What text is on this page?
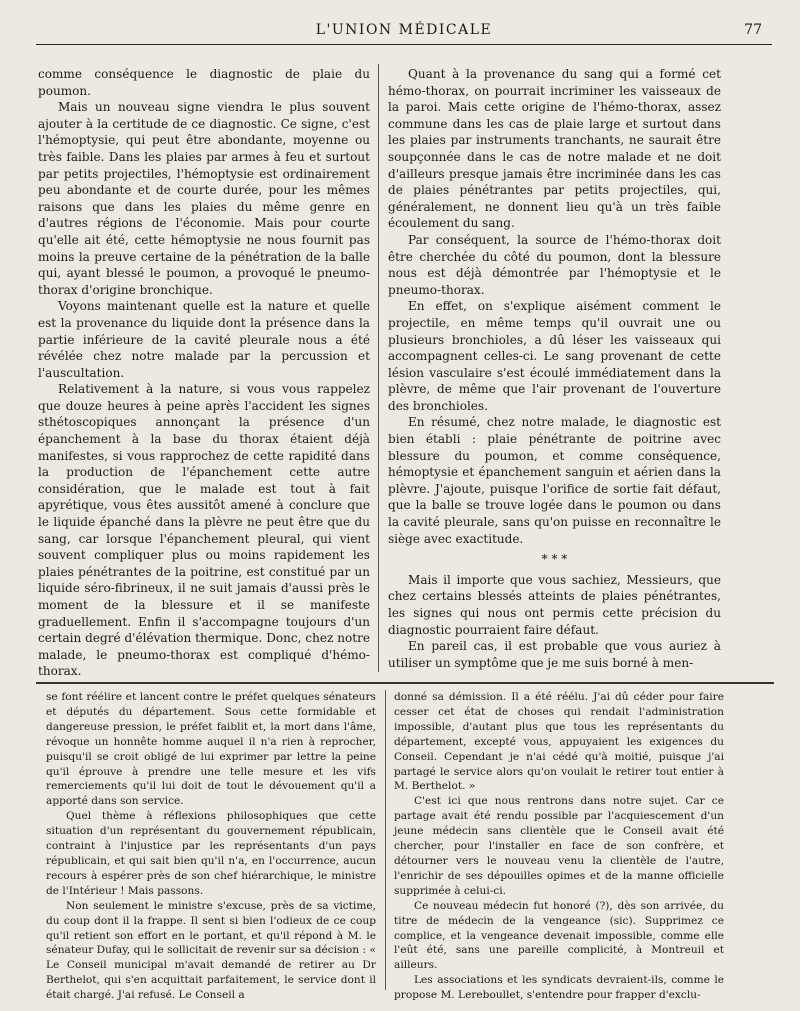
L'UNION MÉDICALE	77

comme conséquence le diagnostic de plaie du poumon.

Mais un nouveau signe viendra le plus souvent ajouter à la certitude de ce diagnostic. Ce signe, c'est l'hémoptysie, qui peut être abondante, moyenne ou très faible. Dans les plaies par armes à feu et surtout par petits projectiles, l'hémoptysie est ordinairement peu abondante et de courte durée, pour les mêmes raisons que dans les plaies du même genre en d'autres régions de l'économie. Mais pour courte qu'elle ait été, cette hémoptysie ne nous fournit pas moins la preuve certaine de la pénétration de la balle qui, ayant blessé le poumon, a provoqué le pneumo-thorax d'origine bronchique.

Voyons maintenant quelle est la nature et quelle est la provenance du liquide dont la présence dans la partie inférieure de la cavité pleurale nous a été révélée chez notre malade par la percussion et l'auscultation.

Relativement à la nature, si vous vous rappelez que douze heures à peine après l'accident les signes sthétoscopiques annonçant la présence d'un épanchement à la base du thorax étaient déjà manifestes, si vous rapprochez de cette rapidité dans la production de l'épanchement cette autre considération, que le malade est tout à fait apyrétique, vous êtes aussitôt amené à conclure que le liquide épanché dans la plèvre ne peut être que du sang, car lorsque l'épanchement pleural, qui vient souvent compliquer plus ou moins rapidement les plaies pénétrantes de la poitrine, est constitué par un liquide séro-fibrineux, il ne suit jamais d'aussi près le moment de la blessure et il se manifeste graduellement. Enfin il s'accompagne toujours d'un certain degré d'élévation thermique. Donc, chez notre malade, le pneumo-thorax est compliqué d'hémo-thorax.

Quant à la provenance du sang qui a formé cet hémo-thorax, on pourrait incriminer les vaisseaux de la paroi. Mais cette origine de l'hémo-thorax, assez commune dans les cas de plaie large et surtout dans les plaies par instruments tranchants, ne saurait être soupçonnée dans le cas de notre malade et ne doit d'ailleurs presque jamais être incriminée dans les cas de plaies pénétrantes par petits projectiles, qui, généralement, ne donnent lieu qu'à un très faible écoulement du sang.

Par conséquent, la source de l'hémo-thorax doit être cherchée du côté du poumon, dont la blessure nous est déjà démontrée par l'hémoptysie et le pneumo-thorax.

En effet, on s'explique aisément comment le projectile, en même temps qu'il ouvrait une ou plusieurs bronchioles, a dû léser les vaisseaux qui accompagnent celles-ci. Le sang provenant de cette lésion vasculaire s'est écoulé immédiatement dans la plèvre, de même que l'air provenant de l'ouverture des bronchioles.

En résumé, chez notre malade, le diagnostic est bien établi : plaie pénétrante de poitrine avec blessure du poumon, et comme conséquence, hémoptysie et épanchement sanguin et aérien dans la plèvre. J'ajoute, puisque l'orifice de sortie fait défaut, que la balle se trouve logée dans le poumon ou dans la cavité pleurale, sans qu'on puisse en reconnaître le siège avec exactitude.

* * *

Mais il importe que vous sachiez, Messieurs, que chez certains blessés atteints de plaies pénétrantes, les signes qui nous ont permis cette précision du diagnostic pourraient faire défaut.

En pareil cas, il est probable que vous auriez à utiliser un symptôme que je me suis borné à men-

se font réélire et lancent contre le préfet quelques sénateurs et députés du département. Sous cette formidable et dangereuse pression, le préfet faiblit et, la mort dans l'âme, révoque un honnête homme auquel il n'a rien à reprocher, puisqu'il se croit obligé de lui exprimer par lettre la peine qu'il éprouve à prendre une telle mesure et les vifs remerciements qu'il lui doit de tout le dévouement qu'il a apporté dans son service.

Quel thème à réflexions philosophiques que cette situation d'un représentant du gouvernement républicain, contraint à l'injustice par les représentants d'un pays républicain, et qui sait bien qu'il n'a, en l'occurrence, aucun recours à espérer près de son chef hiérarchique, le ministre de l'Intérieur ! Mais passons.

Non seulement le ministre s'excuse, près de sa victime, du coup dont il la frappe. Il sent si bien l'odieux de ce coup qu'il retient son effort en le portant, et qu'il répond à M. le sénateur Dufay, qui le sollicitait de revenir sur sa décision : « Le Conseil municipal m'avait demandé de retirer au Dr Berthelot, qui s'en acquittait parfaitement, le service dont il était chargé. J'ai refusé. Le Conseil a

donné sa démission. Il a été réélu. J'ai dû céder pour faire cesser cet état de choses qui rendait l'administration impossible, d'autant plus que tous les représentants du département, excepté vous, appuyaient les exigences du Conseil. Cependant je n'ai cédé qu'à moitié, puisque j'ai partagé le service alors qu'on voulait le retirer tout entier à M. Berthelot. »

C'est ici que nous rentrons dans notre sujet. Car ce partage avait été rendu possible par l'acquiescement d'un jeune médecin sans clientèle que le Conseil avait été chercher, pour l'installer en face de son confrère, et détourner vers le nouveau venu la clientèle de l'autre, l'enrichir de ses dépouilles opimes et de la manne officielle supprimée à celui-ci.

Ce nouveau médecin fut honoré (?), dès son arrivée, du titre de médecin de la vengeance (sic). Supprimez ce complice, et la vengeance devenait impossible, comme elle l'eût été, sans une pareille complicité, à Montreuil et ailleurs.

Les associations et les syndicats devraient-ils, comme le propose M. Lereboullet, s'entendre pour frapper d'exclu-
